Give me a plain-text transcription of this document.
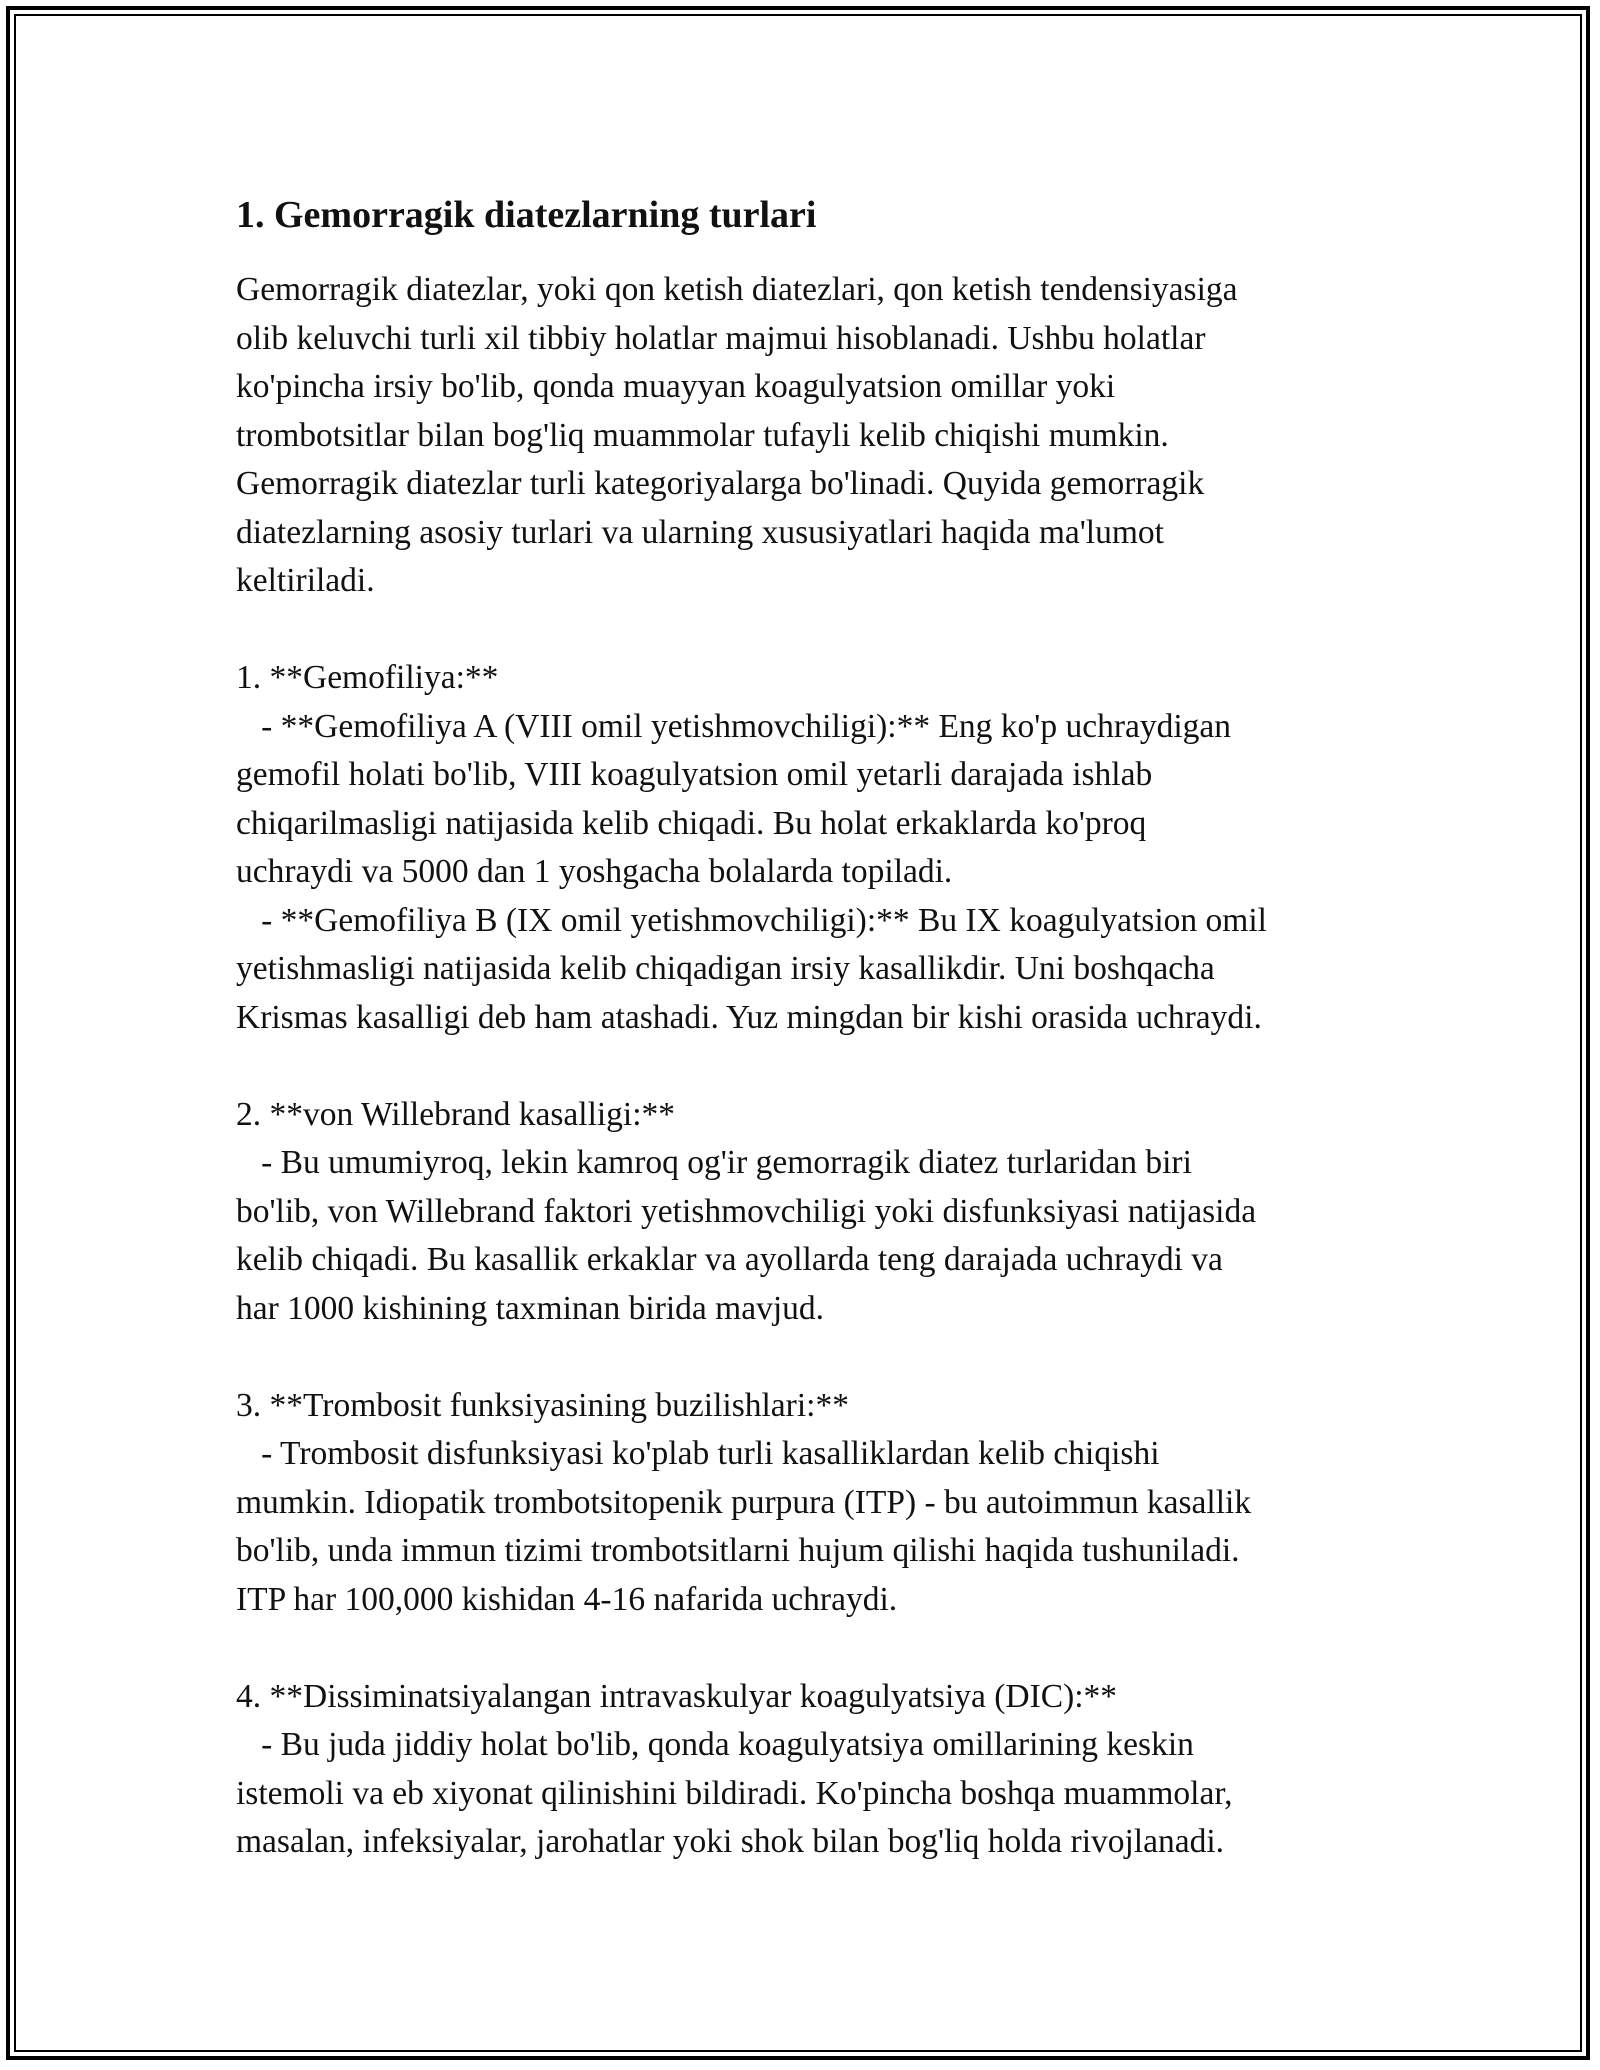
1. Gemorragik diatezlarning turlari

Gemorragik diatezlar, yoki qon ketish diatezlari, qon ketish tendensiyasiga
olib keluvchi turli xil tibbiy holatlar majmui hisoblanadi. Ushbu holatlar
ko'pincha irsiy bo'lib, qonda muayyan koagulyatsion omillar yoki
trombotsitlar bilan bog'liq muammolar tufayli kelib chiqishi mumkin.
Gemorragik diatezlar turli kategoriyalarga bo'linadi. Quyida gemorragik
diatezlarning asosiy turlari va ularning xususiyatlari haqida ma'lumot
keltiriladi.

1. **Gemofiliya:**

- **Gemofiliya A (VIII omil yetishmovchiligi):** Eng ko'p uchraydigan
gemofil holati bo'lib, VIII koagulyatsion omil yetarli darajada ishlab
chiqarilmasligi natijasida kelib chiqadi. Bu holat erkaklarda ko'proq
uchraydi va 5000 dan 1 yoshgacha bolalarda topiladi.
- **Gemofiliya B (IX omil yetishmovchiligi):** Bu IX koagulyatsion omil
yetishmasligi natijasida kelib chiqadigan irsiy kasallikdir. Uni boshqacha
Krismas kasalligi deb ham atashadi. Yuz mingdan bir kishi orasida uchraydi.

2. **von Willebrand kasalligi:**

- Bu umumiyroq, lekin kamroq og'ir gemorragik diatez turlaridan biri
bo'lib, von Willebrand faktori yetishmovchiligi yoki disfunksiyasi natijasida
kelib chiqadi. Bu kasallik erkaklar va ayollarda teng darajada uchraydi va
har 1000 kishining taxminan birida mavjud.

3. **Trombosit funksiyasining buzilishlari:**

- Trombosit disfunksiyasi ko'plab turli kasalliklardan kelib chiqishi
mumkin. Idiopatik trombotsitopenik purpura (ITP) - bu autoimmun kasallik
bo'lib, unda immun tizimi trombotsitlarni hujum qilishi haqida tushuniladi.
ITP har 100,000 kishidan 4-16 nafarida uchraydi.

4. **Dissiminatsiyalangan intravaskulyar koagulyatsiya (DIC):**

- Bu juda jiddiy holat bo'lib, qonda koagulyatsiya omillarining keskin
istemoli va eb xiyonat qilinishini bildiradi. Ko'pincha boshqa muammolar,
masalan, infeksiyalar, jarohatlar yoki shok bilan bog'liq holda rivojlanadi.
